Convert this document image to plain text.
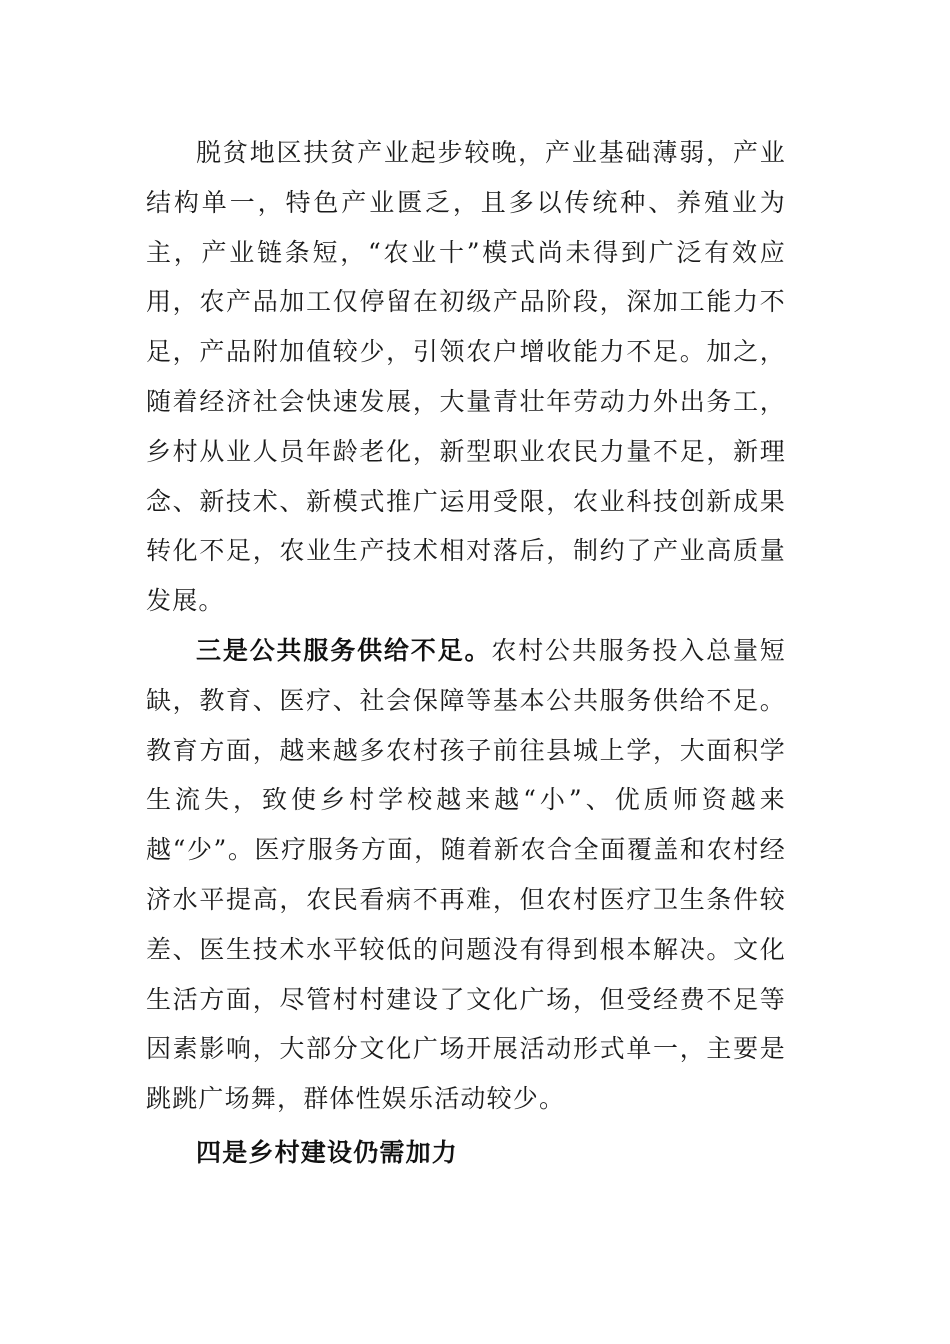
脱贫地区扶贫产业起步较晚，产业基础薄弱，产业结构单一，特色产业匮乏，且多以传统种、养殖业为主，产业链条短，“农业十”模式尚未得到广泛有效应用，农产品加工仅停留在初级产品阶段，深加工能力不足，产品附加值较少，引领农户增收能力不足。加之，随着经济社会快速发展，大量青壮年劳动力外出务工，乡村从业人员年龄老化，新型职业农民力量不足，新理念、新技术、新模式推广运用受限，农业科技创新成果转化不足，农业生产技术相对落后，制约了产业高质量发展。

三是公共服务供给不足。农村公共服务投入总量短缺，教育、医疗、社会保障等基本公共服务供给不足。教育方面，越来越多农村孩子前往县城上学，大面积学生流失，致使乡村学校越来越“小”、优质师资越来越“少”。医疗服务方面，随着新农合全面覆盖和农村经济水平提高，农民看病不再难，但农村医疗卫生条件较差、医生技术水平较低的问题没有得到根本解决。文化生活方面，尽管村村建设了文化广场，但受经费不足等因素影响，大部分文化广场开展活动形式单一，主要是跳跳广场舞，群体性娱乐活动较少。

四是乡村建设仍需加力
